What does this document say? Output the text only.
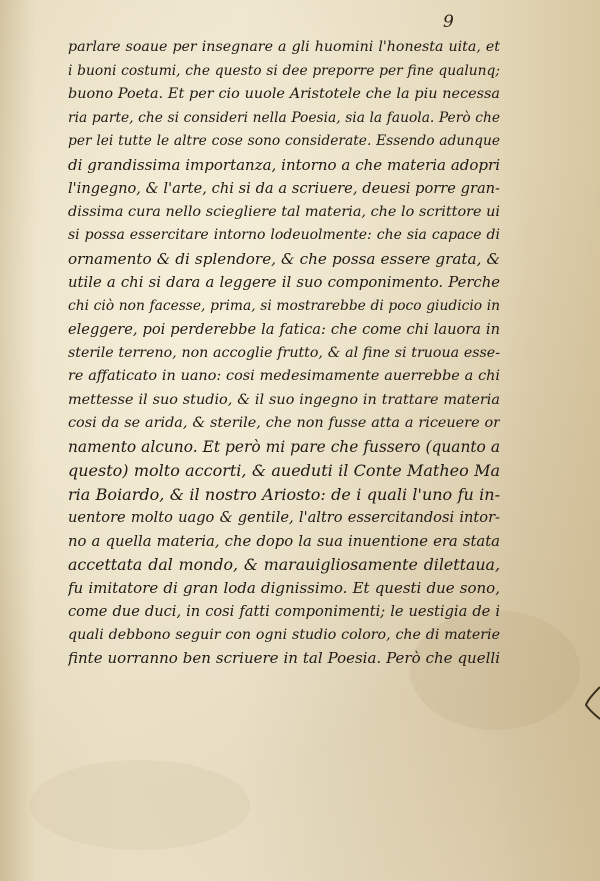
9
parlare soaue per insegnare a gli huomini l'honesta uita, et
i buoni costumi, che questo si dee preporre per fine qualunq;
buono Poeta. Et per cio uuole Aristotele che la piu necessa
ria parte, che si consideri nella Poesia, sia la fauola. Però che
per lei tutte le altre cose sono considerate. Essendo adunque
di grandissima importanza, intorno a che materia adopri
l'ingegno, & l'arte, chi si da a scriuere, deuesi porre gran-
dissima cura nello sciegliere tal materia, che lo scrittore ui
si possa essercitare intorno lodeuolmente: che sia capace di
ornamento & di splendore, & che possa essere grata, &
utile a chi si dara a leggere il suo componimento. Perche
chi ciò non facesse, prima, si mostrarebbe di poco giudicio in
eleggere, poi perderebbe la fatica: che come chi lauora in
sterile terreno, non accoglie frutto, & al fine si truoua esse-
re affaticato in uano: cosi medesimamente auerrebbe a chi
mettesse il suo studio, & il suo ingegno in trattare materia
cosi da se arida, & sterile, che non fusse atta a riceuere or
namento alcuno. Et però mi pare che fussero (quanto a
questo) molto accorti, & aueduti il Conte Matheo Ma
ria Boiardo, & il nostro Ariosto: de i quali l'uno fu in-
uentore molto uago & gentile, l'altro essercitandosi intor-
no a quella materia, che dopo la sua inuentione era stata
accettata dal mondo, & marauigliosamente dilettaua,
fu imitatore di gran loda dignissimo. Et questi due sono,
come due duci, in cosi fatti componimenti; le uestigia de i
quali debbono seguir con ogni studio coloro, che di materie
finte uorranno ben scriuere in tal Poesia. Però che quelli
